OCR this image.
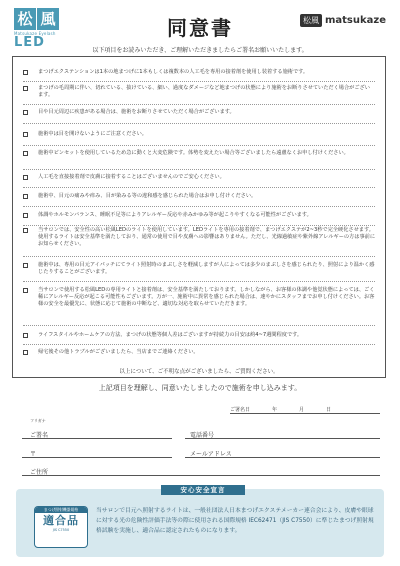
松 風
Matsukaze Eyelash
LED
同意書	松風 matsukaze
以下項目をお読みいただき、ご理解いただきましたらご署名お願いいたします。
まつげエクステンションは1本の地まつげに1本もしくは複数本の人工毛を専用の接着剤を使用し装着する施術です。
まつげの毛周期に伴い、切れている、抜けている、細い、過度なダメージなど地まつげの状態により施術をお断りさせていただく場合がございます。
目や目元周辺に疾患がある場合は、施術をお断りさせていただく場合がございます。
施術中は目を開けないようにご注意ください。
施術中ピンセットを使用しているため急に動くと大変危険です。体勢を変えたい場合等ございましたら遠慮なくお申し付けください。
人工毛を直接接着剤で皮膚に接着することはございませんのでご安心ください。
施術中、目元の痛みや痒み、目が染みる等の違和感を感じられた場合はお申し付けください。
体調やホルモンバランス、睡眠不足等によりアレルギー反応や赤みかゆみ等が起こりやすくなる可能性がございます。
当サロンでは、安全性の高い松風LEDのライトを使用しています。LEDライトを専用の接着剤で、まつげエクステが2~3秒で完全硬化させます。使用するライトは安全基準を満たしており、通常の使用で目や皮膚への影響はありません。ただし、光線過敏症や紫外線アレルギーの方は事前にお知らせください。
施術中は、専用の目元アイパッチにてライト照射時のまぶしさを軽減しますが人によっては多少のまぶしさを感じられたり、照射により温かく感じたりすることがございます。
当サロンで使用する松風LEDの専用ライトと接着剤は、安全基準を満たしております。しかしながら、お客様の体調や他覚状態によっては、ごく稀にアレルギー反応が起こる可能性もございます。万が一、施術中に異常を感じられた場合は、速やかにスタッフまでお申し付けください。お客様の安全を最優先に、状態に応じて施術の中断など、適切な対応を取らせていただきます。
ライフスタイルやホームケアの方法、まつげの状態等個人差はございますが持続力の目安は約4~7週間程度です。
帰宅後その他トラブルがございましたら、当店までご連絡ください。
以上について、ご不明な点がございましたら、ご質問ください。
上記項目を理解し、同意いたしましたので施術を申し込みます。
ご署名日	年	月	日
フリガナ
ご署名	電話番号
〒	メールアドレス
ご住所
安心安全宣言
まつげ照射機器規格
適合品
JIS C7550
当サロンで目元へ照射するライトは、一般社団法人日本まつげエクステメーカー連合会により、皮膚や眼球に対する光の危険性評価手法等の際に使用される国際規格 IEC62471（JIS C7550）に準じたまつげ照射規格試験を実施し、適合品に認定されたものになります。
